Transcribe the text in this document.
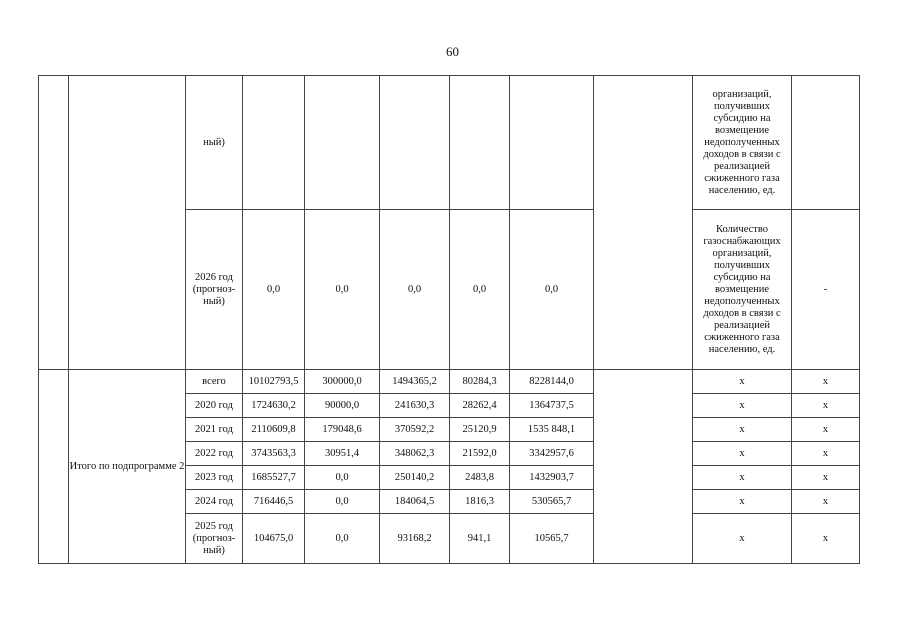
60
		ный)							организаций, получивших субсидию на возмещение недополученных доходов в связи с реализацией сжиженного газа населению, ед.	
		2026 год (прогноз-ный)	0,0	0,0	0,0	0,0	0,0		Количество газоснабжающих организаций, получивших субсидию на возмещение недополученных доходов в связи с реализацией сжиженного газа населению, ед.	-
	Итого по подпрограмме 2	всего	10102793,5	300000,0	1494365,2	80284,3	8228144,0		х	х
		2020 год	1724630,2	90000,0	241630,3	28262,4	1364737,5		х	х
		2021 год	2110609,8	179048,6	370592,2	25120,9	1535 848,1		х	х
		2022 год	3743563,3	30951,4	348062,3	21592,0	3342957,6		х	х
		2023 год	1685527,7	0,0	250140,2	2483,8	1432903,7		х	х
		2024 год	716446,5	0,0	184064,5	1816,3	530565,7		х	х
		2025 год (прогноз-ный)	104675,0	0,0	93168,2	941,1	10565,7		х	х
